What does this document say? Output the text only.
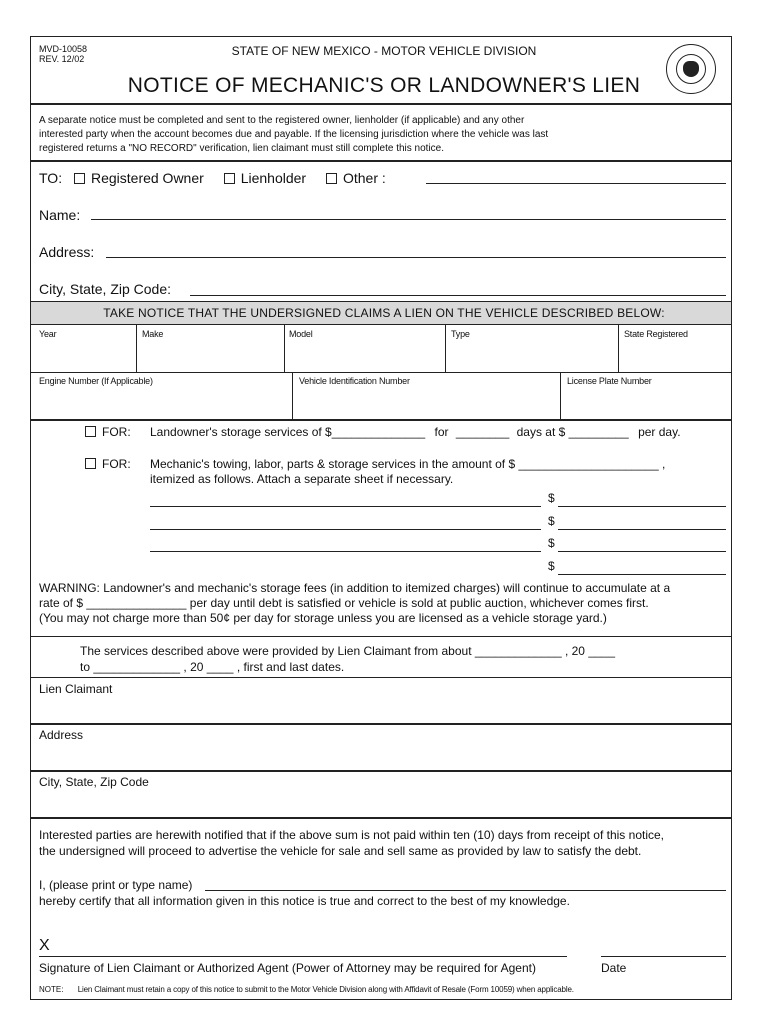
MVD-10058
REV. 12/02
STATE OF NEW MEXICO - MOTOR VEHICLE DIVISION
NOTICE OF MECHANIC'S OR LANDOWNER'S LIEN
A separate notice must be completed and sent to the registered owner, lienholder (if applicable) and any other
interested party when the account becomes due and payable. If the licensing jurisdiction where the vehicle was last
registered returns a "NO RECORD" verification, lien claimant must still complete this notice.
TO: Registered Owner	Lienholder	Other :
Name:
Address:
City, State, Zip Code:
TAKE NOTICE THAT THE UNDERSIGNED CLAIMS A LIEN ON THE VEHICLE DESCRIBED BELOW:
Year	Make	Model	Type	State Registered
Engine Number (If Applicable)	Vehicle Identification Number	License Plate Number
FOR: Landowner's storage services of $______________ for ________ days at $ _________ per day.
FOR: Mechanic's towing, labor, parts & storage services in the amount of $ _____________________ ,
itemized as follows. Attach a separate sheet if necessary.
$
$
$
$
WARNING: Landowner's and mechanic's storage fees (in addition to itemized charges) will continue to accumulate at a
rate of $ _______________ per day until debt is satisfied or vehicle is sold at public auction, whichever comes first.
(You may not charge more than 50¢ per day for storage unless you are licensed as a vehicle storage yard.)
The services described above were provided by Lien Claimant from about _____________ , 20 ____
to _____________ , 20 ____ , first and last dates.
Lien Claimant
Address
City, State, Zip Code
Interested parties are herewith notified that if the above sum is not paid within ten (10) days from receipt of this notice,
the undersigned will proceed to advertise the vehicle for sale and sell same as provided by law to satisfy the debt.
I, (please print or type name)
hereby certify that all information given in this notice is true and correct to the best of my knowledge.
X
Signature of Lien Claimant or Authorized Agent (Power of Attorney may be required for Agent)	Date
NOTE: Lien Claimant must retain a copy of this notice to submit to the Motor Vehicle Division along with Affidavit of Resale (Form 10059) when applicable.
